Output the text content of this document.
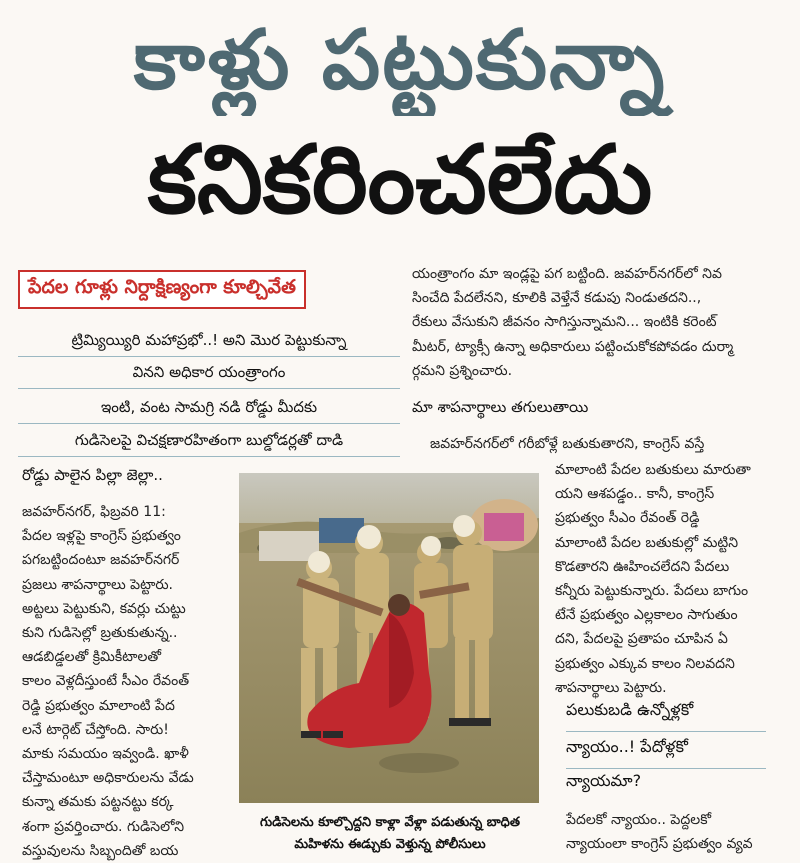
కాళ్లు పట్టుకున్నా
కనికరించలేదు
పేదల గూళ్లు నిర్దాక్షిణ్యంగా కూల్చివేత
ట్రిమ్యియ్యిరి మహాప్రభో..! అని మొర పెట్టుకున్నా
వినని అధికార యంత్రాంగం
ఇంటి, వంట సామగ్రి నడి రోడ్డు మీదకు
గుడిసెలపై విచక్షణారహితంగా బుల్డోడర్లతో దాడి
రోడ్డు పాలైన పిల్లా జెల్లా..
జవహర్‌నగర్, ఫిబ్రవరి 11:
పేదల ఇళ్లపై కాంగ్రెస్ ప్రభుత్వం
పగబట్టిందంటూ జవహర్‌నగర్
ప్రజలు శాపనార్థాలు పెట్టారు.
అట్టలు పెట్టుకుని, కవర్లు చుట్టు
కుని గుడిసెల్లో బ్రతుకుతున్న..
ఆడబిడ్డలతో క్రిమికీటాలతో
కాలం వెళ్లదీస్తుంటే సీఎం రేవంత్
రెడ్డి ప్రభుత్వం మాలాంటి పేద
లనే టార్గెట్ చేస్తోంది. సారు!
మాకు సమయం ఇవ్వండి. ఖాళీ
చేస్తామంటూ అధికారులను వేడు
కున్నా తమకు పట్టనట్టు కర్క
శంగా ప్రవర్తించారు. గుడిసెలోని
వస్తువులను సిబ్బందితో బయ
గుడిసెలను కూల్చొద్దని కాళ్లా వేళ్లా పడుతున్న బాధిత
మహిళను ఈడ్చుకు వెళ్తున్న పోలీసులు
యంత్రాంగం మా ఇండ్లపై పగ బట్టింది. జవహర్‌నగర్‌లో నివ
సించేది పేదలేనని, కూలికి వెళ్తేనే కడుపు నిండుతదని..,
రేకులు వేసుకుని జీవనం సాగిస్తున్నామని... ఇంటికి కరెంట్
మీటర్, ట్యాక్సీ ఉన్నా అధికారులు పట్టించుకోకపోవడం దుర్మా
ర్గమని ప్రశ్నించారు.
మా శాపనార్థాలు తగులుతాయి
జవహర్‌నగర్‌లో గరీబోళ్లే బతుకుతారని, కాంగ్రెస్ వస్తే
మాలాంటి పేదల బతుకులు మారుతా
యని ఆశపడ్డం.. కానీ, కాంగ్రెస్
ప్రభుత్వం సీఎం రేవంత్ రెడ్డి
మాలాంటి పేదల బతుకుల్లో మట్టిని
కొడతారని ఊహించలేదని పేదలు
కన్నీరు పెట్టుకున్నారు. పేదలు బాగుం
టేనే ప్రభుత్వం ఎల్లకాలం సాగుతుం
దని, పేదలపై ప్రతాపం చూపిన ఏ
ప్రభుత్వం ఎక్కువ కాలం నిలవదని
శాపనార్థాలు పెట్టారు.
పలుకుబడి ఉన్నోళ్లకో
న్యాయం..! పేదోళ్లకో
న్యాయమా?
పేదలకో న్యాయం.. పెద్దలకో
న్యాయంలా కాంగ్రెస్ ప్రభుత్వం వ్యవ
